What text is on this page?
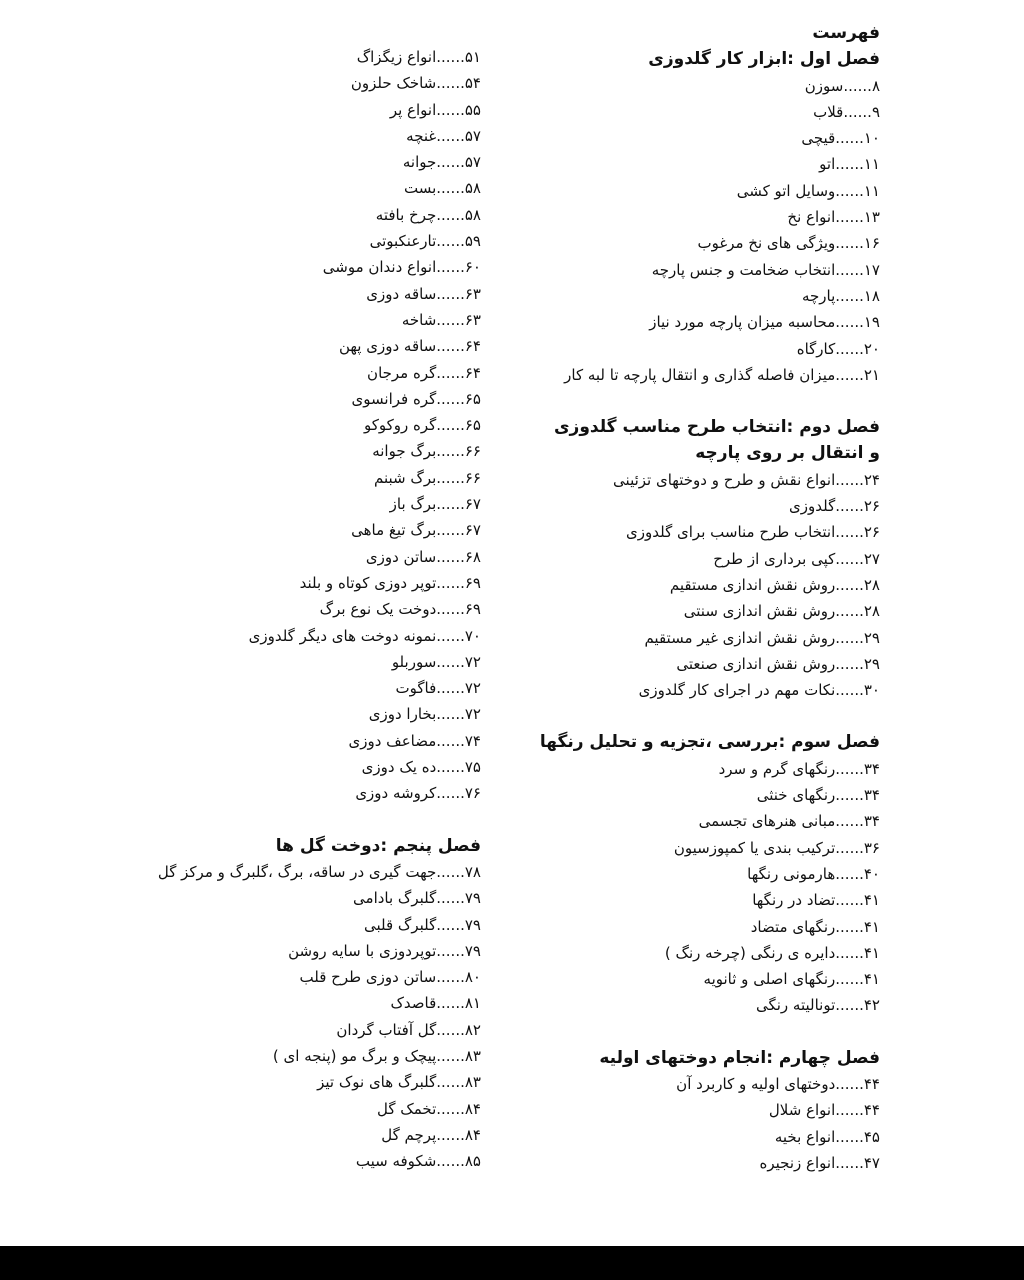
فهرست
فصل اول :ابزار کار گلدوزی
۸......سوزن
۹......قلاب
۱۰......قیچی
۱۱......اتو
۱۱......وسایل اتو کشی
۱۳......انواع نخ
۱۶......ویژگی های نخ مرغوب
۱۷......انتخاب ضخامت و جنس پارچه
۱۸......پارچه
۱۹......محاسبه میزان پارچه مورد نیاز
۲۰......کارگاه
۲۱......میزان فاصله گذاری و انتقال پارچه تا لبه کار
فصل دوم :انتخاب طرح مناسب گلدوزی
و انتقال بر روی پارچه
۲۴......انواع نقش و طرح و دوختهای تزئینی
۲۶......گلدوزی
۲۶......انتخاب طرح مناسب برای گلدوزی
۲۷......کپی برداری از طرح
۲۸......روش نقش اندازی مستقیم
۲۸......روش نقش اندازی سنتی
۲۹......روش نقش اندازی غیر مستقیم
۲۹......روش نقش اندازی صنعتی
۳۰......نکات مهم در اجرای کار گلدوزی
فصل سوم :بررسی ،تجزیه و تحلیل رنگها
۳۴......رنگهای گرم و سرد
۳۴......رنگهای خنثی
۳۴......مبانی هنرهای تجسمی
۳۶......ترکیب بندی یا کمپوزسیون
۴۰......هارمونی رنگها
۴۱......تضاد در رنگها
۴۱......رنگهای متضاد
۴۱......دایره ی رنگی (چرخه رنگ )
۴۱......رنگهای اصلی و ثانویه
۴۲......تونالیته رنگی
فصل چهارم :انجام دوختهای اولیه
۴۴......دوختهای اولیه و کاربرد آن
۴۴......انواع شلال
۴۵......انواع بخیه
۴۷......انواع زنجیره
۵۱......انواع زیگزاگ
۵۴......شاخک حلزون
۵۵......انواع پر
۵۷......غنچه
۵۷......جوانه
۵۸......بست
۵۸......چرخ بافته
۵۹......تارعنکبوتی
۶۰......انواع دندان موشی
۶۳......ساقه دوزی
۶۳......شاخه
۶۴......ساقه دوزی پهن
۶۴......گره مرجان
۶۵......گره فرانسوی
۶۵......گره روکوکو
۶۶......برگ جوانه
۶۶......برگ شبنم
۶۷......برگ باز
۶۷......برگ تیغ ماهی
۶۸......ساتن دوزی
۶۹......توپر دوزی کوتاه و بلند
۶۹......دوخت یک نوع برگ
۷۰......نمونه دوخت های دیگر گلدوزی
۷۲......سوربلو
۷۲......فاگوت
۷۲......بخارا دوزی
۷۴......مضاعف دوزی
۷۵......ده یک دوزی
۷۶......کروشه دوزی
فصل پنجم :دوخت گل ها
۷۸......جهت گیری در ساقه، برگ ،گلبرگ و مرکز گل
۷۹......گلبرگ بادامی
۷۹......گلبرگ قلبی
۷۹......توپردوزی با سایه روشن
۸۰......ساتن دوزی طرح قلب
۸۱......قاصدک
۸۲......گل آفتاب گردان
۸۳......پیچک و برگ مو (پنجه ای )
۸۳......گلبرگ های نوک تیز
۸۴......تخمک گل
۸۴......پرچم گل
۸۵......شکوفه سیب
